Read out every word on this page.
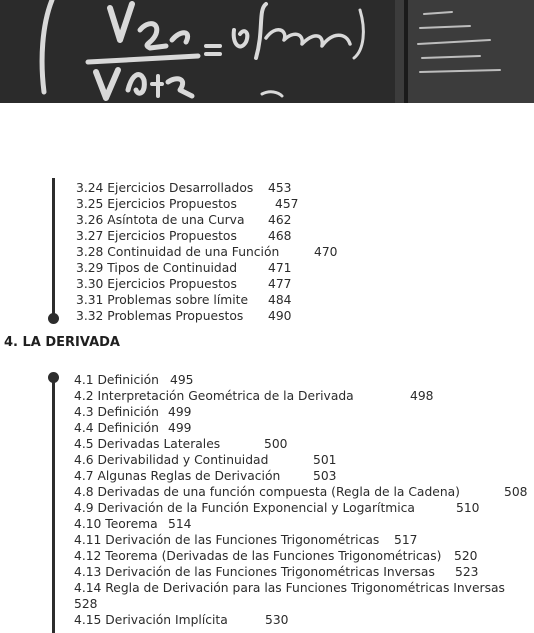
3.24 Ejercicios Desarrollados 453
3.25 Ejercicios Propuestos	457
3.26 Asíntota de una Curva 462
3.27 Ejercicios Propuestos	468
3.28 Continuidad de una Función	470
3.29 Tipos de Continuidad	471
3.30 Ejercicios Propuestos	477
3.31 Problemas sobre límite 484
3.32 Problemas Propuestos 490
4. LA DERIVADA
4.1 Definición 495
4.2 Interpretación Geométrica de la Derivada	498
4.3 Definición 499
4.4 Definición 499
4.5 Derivadas Laterales	500
4.6 Derivabilidad y Continuidad	501
4.7 Algunas Reglas de Derivación	503
4.8 Derivadas de una función compuesta (Regla de la Cadena)	508
4.9 Derivación de la Función Exponencial y Logarítmica	510
4.10 Teorema 514
4.11 Derivación de las Funciones Trigonométricas 517
4.12 Teorema (Derivadas de las Funciones Trigonométricas) 520
4.13 Derivación de las Funciones Trigonométricas Inversas 523
4.14 Regla de Derivación para las Funciones Trigonométricas Inversas
528
4.15 Derivación Implícita	530
